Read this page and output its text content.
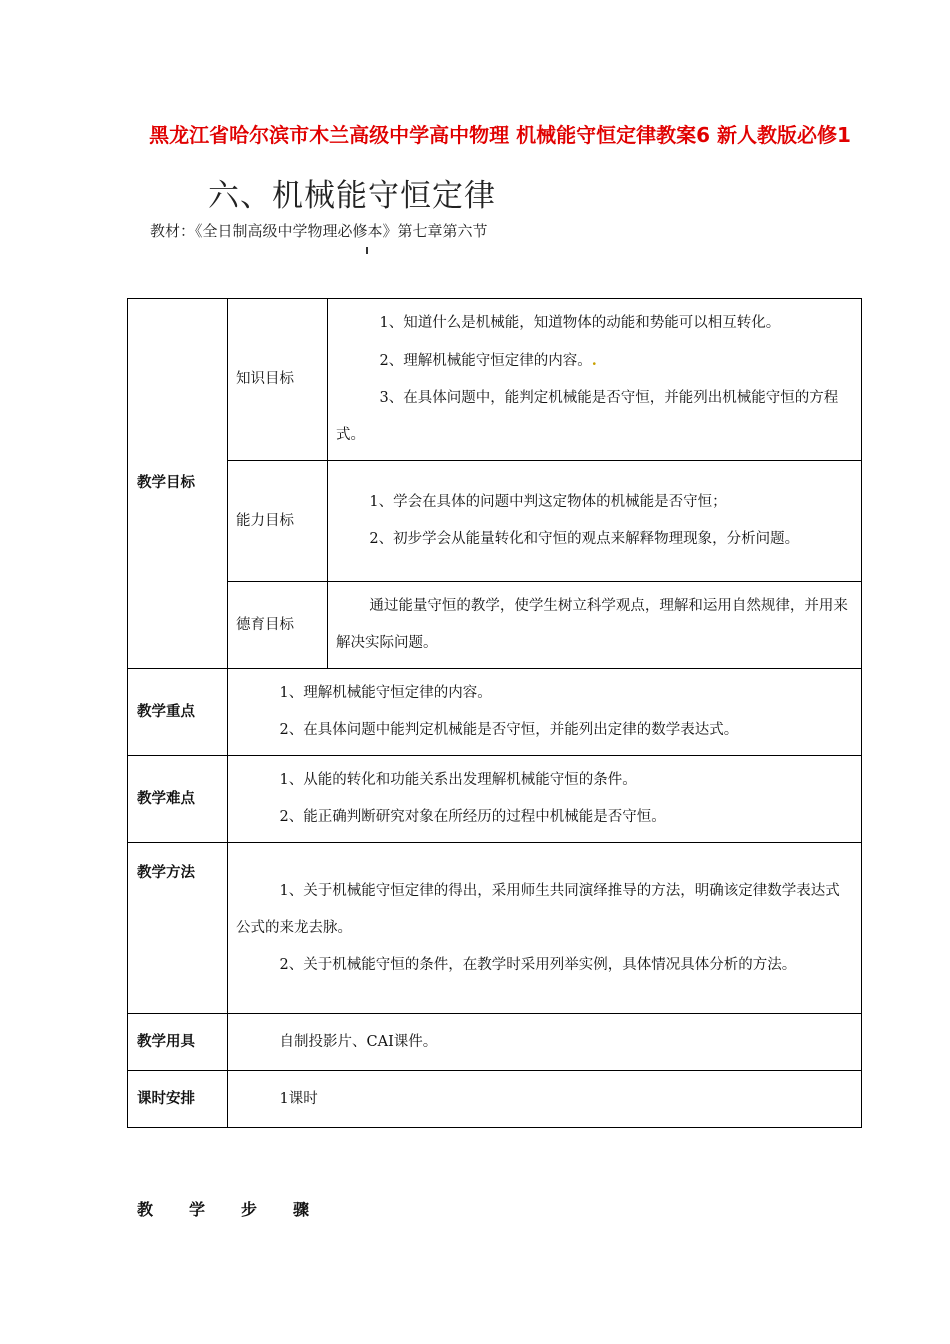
黑龙江省哈尔滨市木兰高级中学高中物理 机械能守恒定律教案6 新人教版必修1
六、机械能守恒定律
教材：《全日制高级中学物理必修本》第七章第六节
教学目标	知识目标	1、知道什么是机械能，知道物体的动能和势能可以相互转化。

2、理解机械能守恒定律的内容。.

3、在具体问题中，能判定机械能是否守恒，并能列出机械能守恒的方程式。

	能力目标	1、学会在具体的问题中判这定物体的机械能是否守恒；

2、初步学会从能量转化和守恒的观点来解释物理现象，分析问题。

	德育目标	通过能量守恒的教学，使学生树立科学观点，理解和运用自然规律，并用来解决实际问题。

教学重点	1、理解机械能守恒定律的内容。

2、在具体问题中能判定机械能是否守恒，并能列出定律的数学表达式。	

教学难点	1、从能的转化和功能关系出发理解机械能守恒的条件。

2、能正确判断研究对象在所经历的过程中机械能是否守恒。	

教学方法	1、关于机械能守恒定律的得出，采用师生共同演绎推导的方法，明确该定律数学表达式公式的来龙去脉。

2、关于机械能守恒的条件，在教学时采用列举实例，具体情况具体分析的方法。	

教学用具	自制投影片、CAI课件。	

课时安排	1课时	

教 学 步 骤
